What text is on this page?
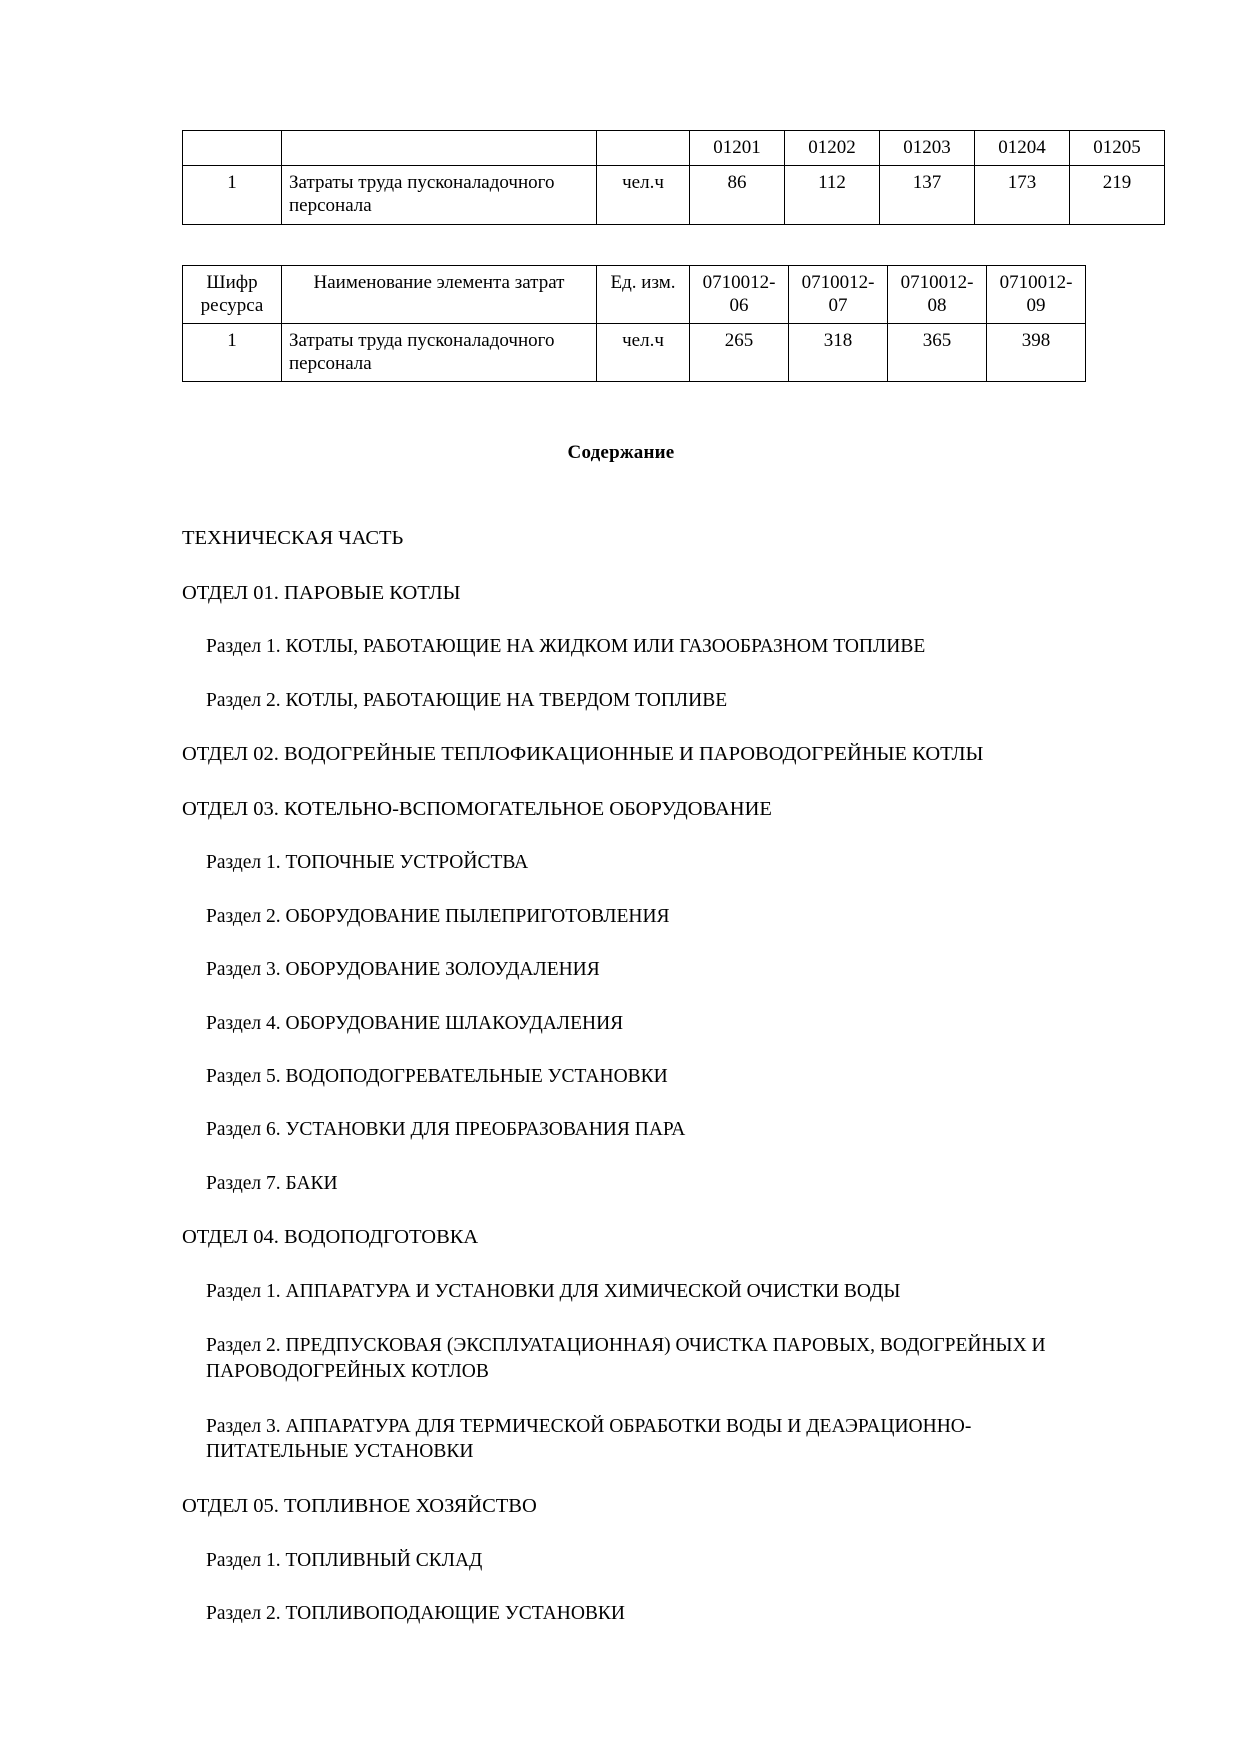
			01201	01202	01203	01204	01205
1	Затраты труда пусконаладочного персонала	чел.ч	86	112	137	173	219
Шифр ресурса	Наименование элемента затрат	Ед. изм.	0710012-06	0710012-07	0710012-08	0710012-09
1	Затраты труда пусконаладочного персонала	чел.ч	265	318	365	398
Содержание

ТЕХНИЧЕСКАЯ ЧАСТЬ

ОТДЕЛ 01. ПАРОВЫЕ КОТЛЫ

Раздел 1. КОТЛЫ, РАБОТАЮЩИЕ НА ЖИДКОМ ИЛИ ГАЗООБРАЗНОМ ТОПЛИВЕ

Раздел 2. КОТЛЫ, РАБОТАЮЩИЕ НА ТВЕРДОМ ТОПЛИВЕ

ОТДЕЛ 02. ВОДОГРЕЙНЫЕ ТЕПЛОФИКАЦИОННЫЕ И ПАРОВОДОГРЕЙНЫЕ КОТЛЫ

ОТДЕЛ 03. КОТЕЛЬНО-ВСПОМОГАТЕЛЬНОЕ ОБОРУДОВАНИЕ

Раздел 1. ТОПОЧНЫЕ УСТРОЙСТВА

Раздел 2. ОБОРУДОВАНИЕ ПЫЛЕПРИГОТОВЛЕНИЯ

Раздел 3. ОБОРУДОВАНИЕ ЗОЛОУДАЛЕНИЯ

Раздел 4. ОБОРУДОВАНИЕ ШЛАКОУДАЛЕНИЯ

Раздел 5. ВОДОПОДОГРЕВАТЕЛЬНЫЕ УСТАНОВКИ

Раздел 6. УСТАНОВКИ ДЛЯ ПРЕОБРАЗОВАНИЯ ПАРА

Раздел 7. БАКИ

ОТДЕЛ 04. ВОДОПОДГОТОВКА

Раздел 1. АППАРАТУРА И УСТАНОВКИ ДЛЯ ХИМИЧЕСКОЙ ОЧИСТКИ ВОДЫ

Раздел 2. ПРЕДПУСКОВАЯ (ЭКСПЛУАТАЦИОННАЯ) ОЧИСТКА ПАРОВЫХ, ВОДОГРЕЙНЫХ И ПАРОВОДОГРЕЙНЫХ КОТЛОВ

Раздел 3. АППАРАТУРА ДЛЯ ТЕРМИЧЕСКОЙ ОБРАБОТКИ ВОДЫ И ДЕАЭРАЦИОННО-ПИТАТЕЛЬНЫЕ УСТАНОВКИ

ОТДЕЛ 05. ТОПЛИВНОЕ ХОЗЯЙСТВО

Раздел 1. ТОПЛИВНЫЙ СКЛАД

Раздел 2. ТОПЛИВОПОДАЮЩИЕ УСТАНОВКИ
